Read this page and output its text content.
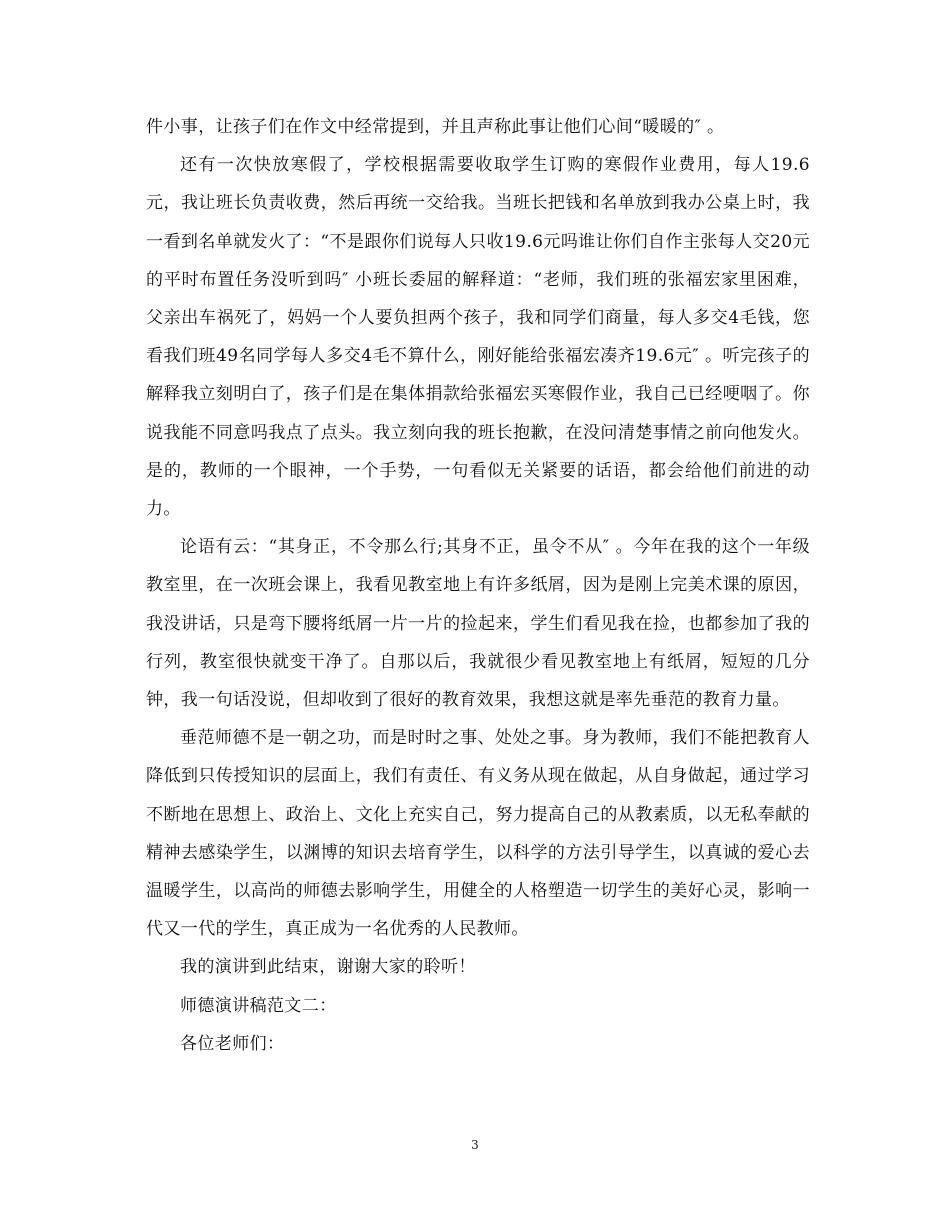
件小事，让孩子们在作文中经常提到，并且声称此事让他们心间“暖暖的″ 。

还有一次快放寒假了，学校根据需要收取学生订购的寒假作业费用，每人19.6元，我让班长负责收费，然后再统一交给我。当班长把钱和名单放到我办公桌上时，我一看到名单就发火了：“不是跟你们说每人只收19.6元吗谁让你们自作主张每人交20元的平时布置任务没听到吗″ 小班长委屈的解释道：“老师，我们班的张福宏家里困难，父亲出车祸死了，妈妈一个人要负担两个孩子，我和同学们商量，每人多交4毛钱，您看我们班49名同学每人多交4毛不算什么，刚好能给张福宏凑齐19.6元″ 。听完孩子的解释我立刻明白了，孩子们是在集体捐款给张福宏买寒假作业，我自己已经哽咽了。你说我能不同意吗我点了点头。我立刻向我的班长抱歉，在没问清楚事情之前向他发火。是的，教师的一个眼神，一个手势，一句看似无关紧要的话语，都会给他们前进的动力。

论语有云：“其身正，不令那么行;其身不正，虽令不从″ 。今年在我的这个一年级教室里，在一次班会课上，我看见教室地上有许多纸屑，因为是刚上完美术课的原因，我没讲话，只是弯下腰将纸屑一片一片的捡起来，学生们看见我在捡，也都参加了我的行列，教室很快就变干净了。自那以后，我就很少看见教室地上有纸屑，短短的几分钟，我一句话没说，但却收到了很好的教育效果，我想这就是率先垂范的教育力量。

垂范师德不是一朝之功，而是时时之事、处处之事。身为教师，我们不能把教育人降低到只传授知识的层面上，我们有责任、有义务从现在做起，从自身做起，通过学习不断地在思想上、政治上、文化上充实自己，努力提高自己的从教素质，以无私奉献的精神去感染学生，以渊博的知识去培育学生，以科学的方法引导学生，以真诚的爱心去温暖学生，以高尚的师德去影响学生，用健全的人格塑造一切学生的美好心灵，影响一代又一代的学生，真正成为一名优秀的人民教师。

我的演讲到此结束，谢谢大家的聆听！

师德演讲稿范文二：

各位老师们：

3
